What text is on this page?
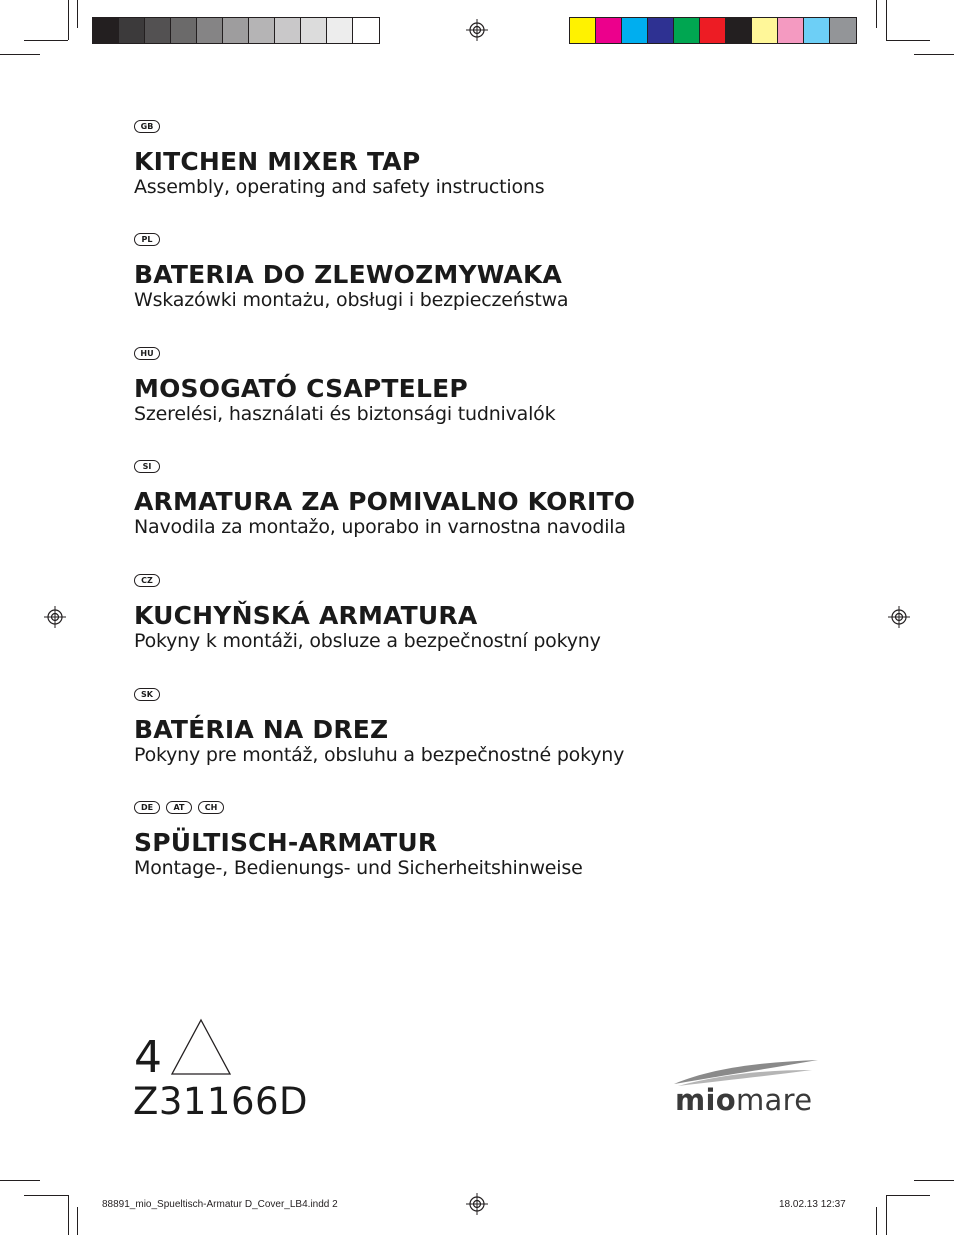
GB
KITCHEN MIXER TAP
Assembly, operating and safety instructions
PL
BATERIA DO ZLEWOZMYWAKA
Wskazówki montażu, obsługi i bezpieczeństwa
HU
MOSOGATÓ CSAPTELEP
Szerelési, használati és biztonsági tudnivalók
SI
ARMATURA ZA POMIVALNO KORITO
Navodila za montažo, uporabo in varnostna navodila
CZ
KUCHYŇSKÁ ARMATURA
Pokyny k montáži, obsluze a bezpečnostní pokyny
SK
BATÉRIA NA DREZ
Pokyny pre montáž, obsluhu a bezpečnostné pokyny
DE	AT	CH
SPÜLTISCH-ARMATUR
Montage-, Bedienungs- und Sicherheitshinweise
4
Z31166D	miomare
88891_mio_Spueltisch-Armatur D_Cover_LB4.indd 2	18.02.13 12:37
